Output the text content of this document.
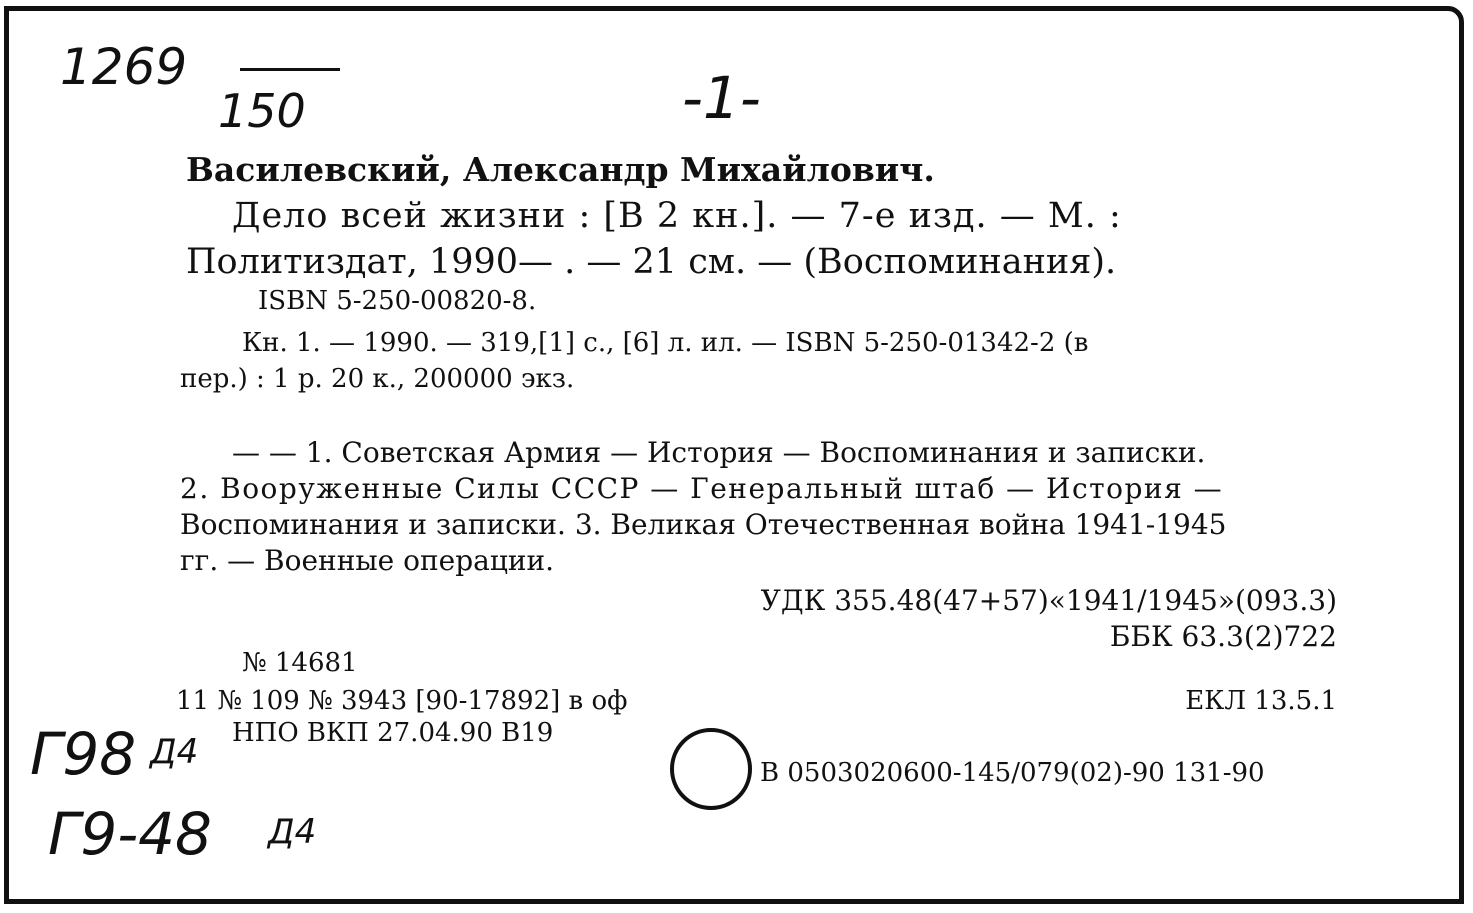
1269
150	-1-
Василевский, Александр Михайлович.
Дело всей жизни : [В 2 кн.]. — 7-е изд. — М. :
Политиздат, 1990— . — 21 см. — (Воспоминания).
ISBN 5-250-00820-8.
Кн. 1. — 1990. — 319,[1] с., [6] л. ил. — ISBN 5-250-01342-2 (в
пер.) : 1 р. 20 к., 200000 экз.
— — 1. Советская Армия — История — Воспоминания и записки.
2. Вооруженные Силы СССР — Генеральный штаб — История —
Воспоминания и записки. 3. Великая Отечественная война 1941-1945
гг. — Военные операции.
УДК 355.48(47+57)«1941/1945»(093.3)
ББК 63.3(2)722
№ 14681
11 № 109 № 3943 [90-17892] в оф	ЕКЛ 13.5.1
НПО ВКП 27.04.90 В19
В 0503020600-145/079(02)-90 131-90
Г98 Д4
Г9-48 Д4
